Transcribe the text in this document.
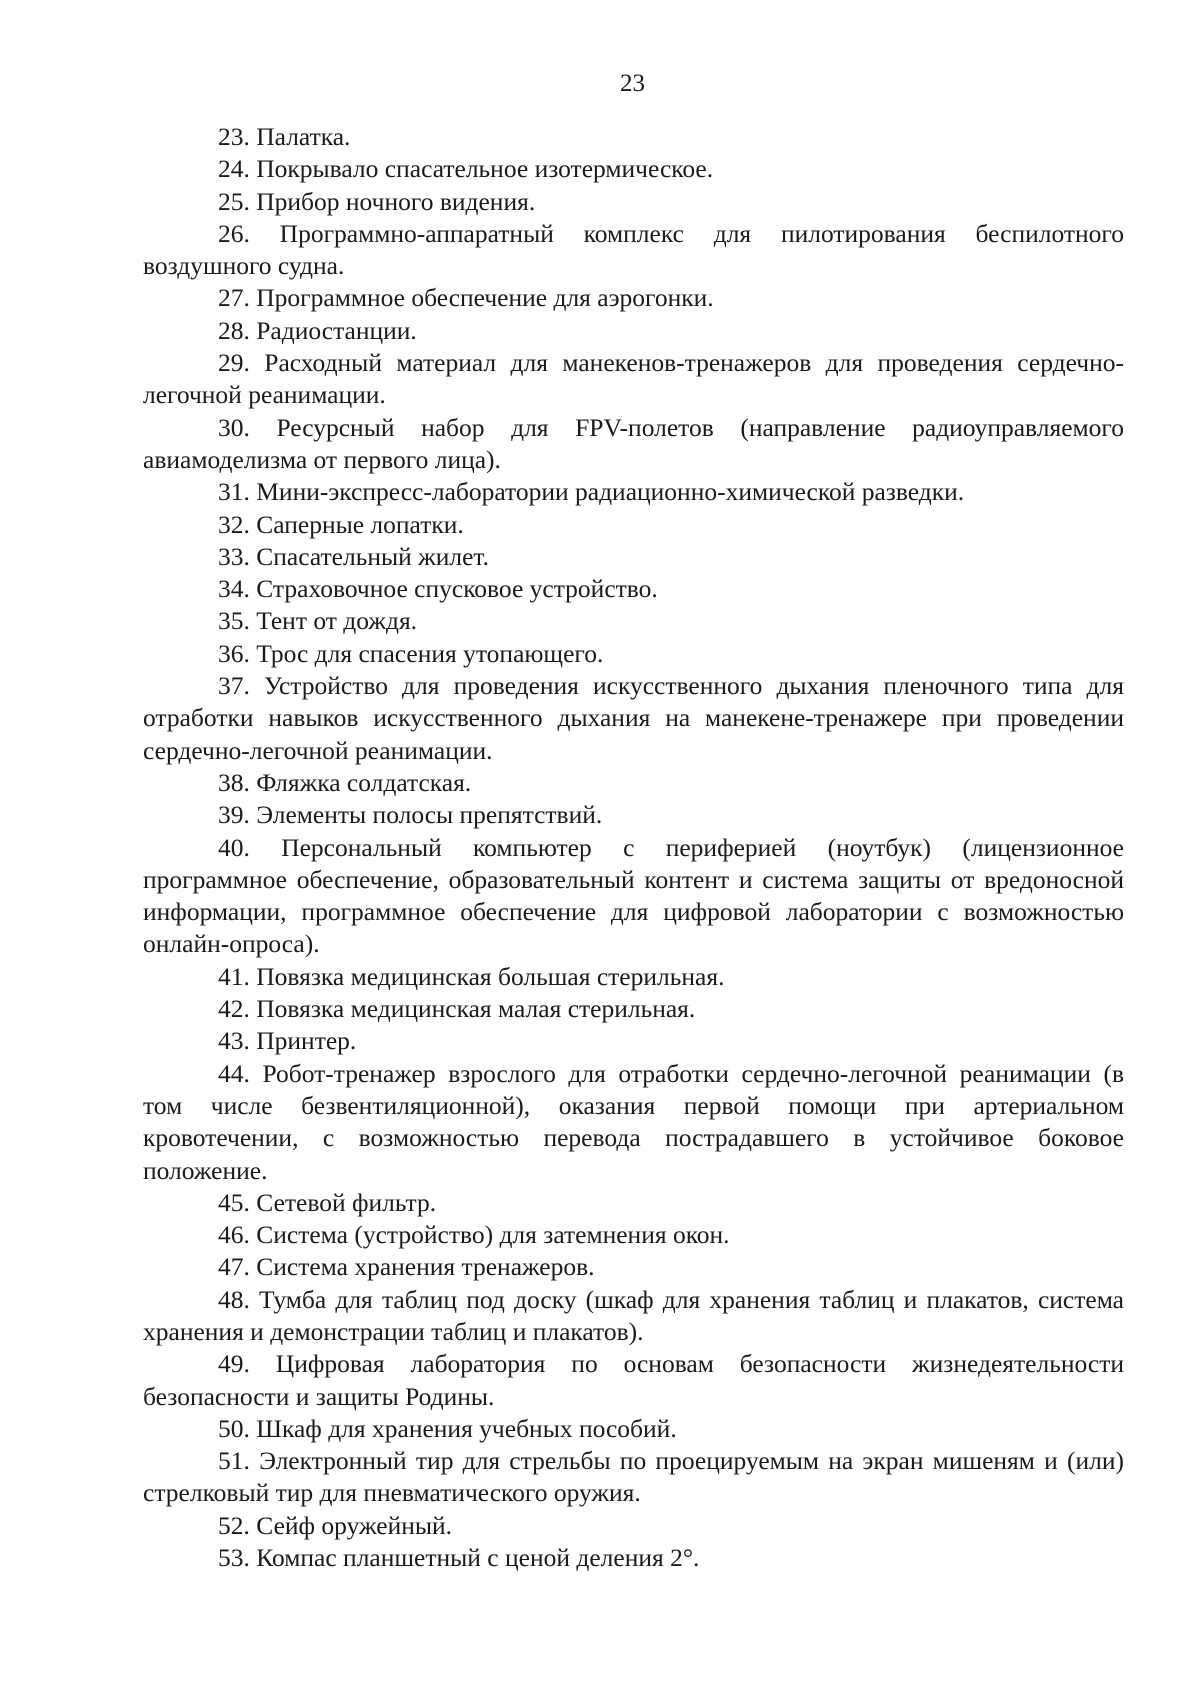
23

23. Палатка.

24. Покрывало спасательное изотермическое.

25. Прибор ночного видения.

26. Программно-аппаратный комплекс для пилотирования беспилотного воздушного судна.

27. Программное обеспечение для аэрогонки.

28. Радиостанции.

29. Расходный материал для манекенов-тренажеров для проведения сердечно-легочной реанимации.

30. Ресурсный набор для FPV-полетов (направление радиоуправляемого авиамоделизма от первого лица).

31. Мини-экспресс-лаборатории радиационно-химической разведки.

32. Саперные лопатки.

33. Спасательный жилет.

34. Страховочное спусковое устройство.

35. Тент от дождя.

36. Трос для спасения утопающего.

37. Устройство для проведения искусственного дыхания пленочного типа для отработки навыков искусственного дыхания на манекене-тренажере при проведении сердечно-легочной реанимации.

38. Фляжка солдатская.

39. Элементы полосы препятствий.

40. Персональный компьютер с периферией (ноутбук) (лицензионное программное обеспечение, образовательный контент и система защиты от вредоносной информации, программное обеспечение для цифровой лаборатории с возможностью онлайн-опроса).

41. Повязка медицинская большая стерильная.

42. Повязка медицинская малая стерильная.

43. Принтер.

44. Робот-тренажер взрослого для отработки сердечно-легочной реанимации (в том числе безвентиляционной), оказания первой помощи при артериальном кровотечении, с возможностью перевода пострадавшего в устойчивое боковое положение.

45. Сетевой фильтр.

46. Система (устройство) для затемнения окон.

47. Система хранения тренажеров.

48. Тумба для таблиц под доску (шкаф для хранения таблиц и плакатов, система хранения и демонстрации таблиц и плакатов).

49. Цифровая лаборатория по основам безопасности жизнедеятельности безопасности и защиты Родины.

50. Шкаф для хранения учебных пособий.

51. Электронный тир для стрельбы по проецируемым на экран мишеням и (или) стрелковый тир для пневматического оружия.

52. Сейф оружейный.

53. Компас планшетный с ценой деления 2°.
